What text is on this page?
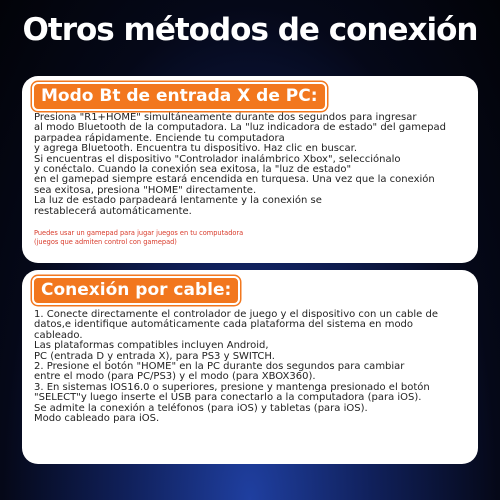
Otros métodos de conexión
Modo Bt de entrada X de PC:

Presiona "R1+HOME" simultáneamente durante dos segundos para ingresar

al modo Bluetooth de la computadora. La "luz indicadora de estado" del gamepad

parpadea rápidamente. Enciende tu computadora

y agrega Bluetooth. Encuentra tu dispositivo. Haz clic en buscar.

Si encuentras el dispositivo "Controlador inalámbrico Xbox", selecciónalo

y conéctalo. Cuando la conexión sea exitosa, la "luz de estado"

en el gamepad siempre estará encendida en turquesa. Una vez que la conexión

sea exitosa, presiona "HOME" directamente.

La luz de estado parpadeará lentamente y la conexión se

restablecerá automáticamente.

Puedes usar un gamepad para jugar juegos en tu computadora

(juegos que admiten control con gamepad)

Conexión por cable:

1. Conecte directamente el controlador de juego y el dispositivo con un cable de

datos,e identifique automáticamente cada plataforma del sistema en modo

cableado.

Las plataformas compatibles incluyen Android,

PC (entrada D y entrada X), para PS3 y SWITCH.

2. Presione el botón "HOME" en la PC durante dos segundos para cambiar

entre el modo (para PC/PS3) y el modo (para XBOX360).

3. En sistemas IOS16.0 o superiores, presione y mantenga presionado el botón

"SELECT"y luego inserte el USB para conectarlo a la computadora (para iOS).

Se admite la conexión a teléfonos (para iOS) y tabletas (para iOS).

Modo cableado para iOS.
